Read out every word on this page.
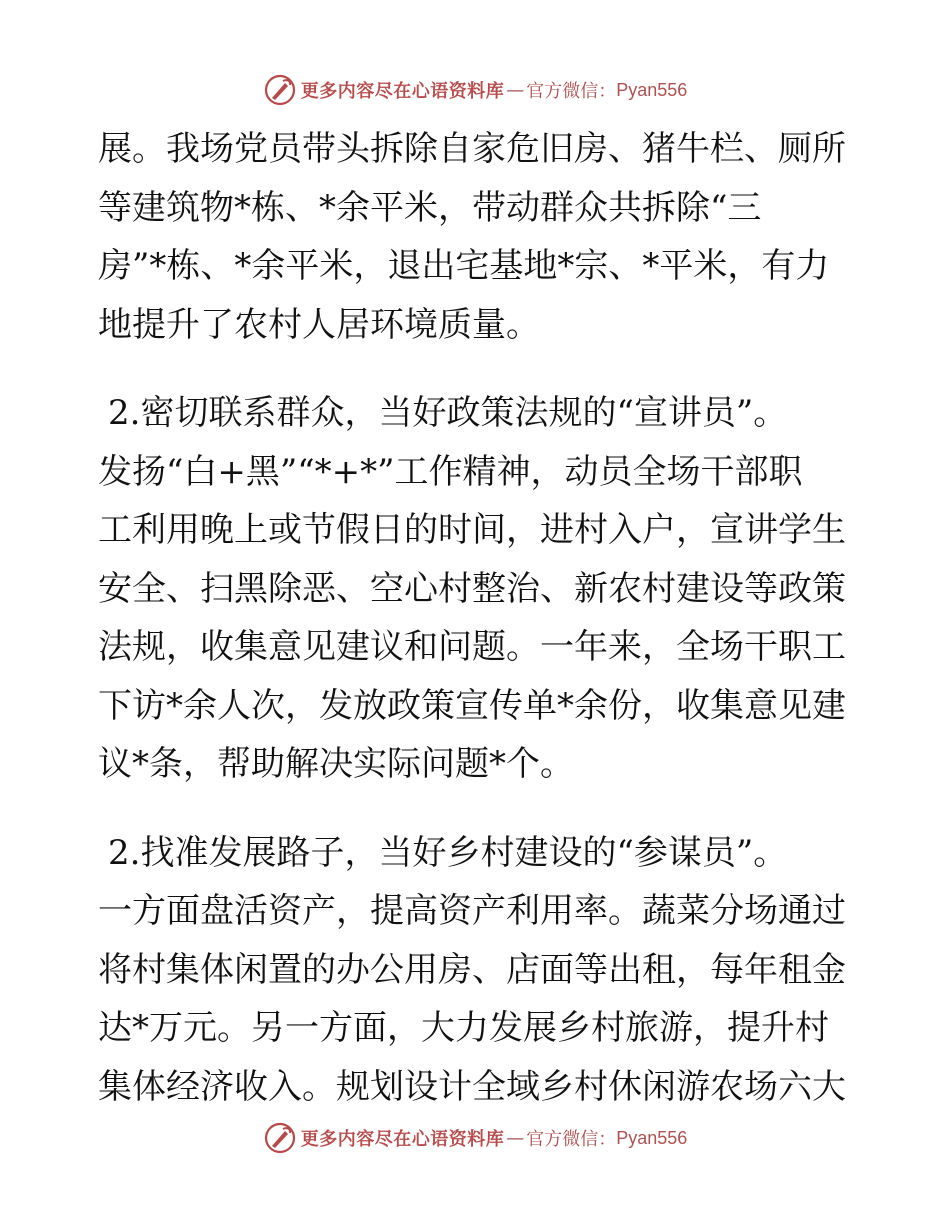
更多内容尽在心语资料库 — 官方微信： Pyan556

展。我场党员带头拆除自家危旧房、猪牛栏、厕所

等建筑物*栋、*余平米，带动群众共拆除“三

房”*栋、*余平米，退出宅基地*宗、*平米，有力

地提升了农村人居环境质量。

2.密切联系群众，当好政策法规的“宣讲员”。

发扬“白+黑”“*+*”工作精神，动员全场干部职

工利用晚上或节假日的时间，进村入户，宣讲学生

安全、扫黑除恶、空心村整治、新农村建设等政策

法规，收集意见建议和问题。一年来，全场干职工

下访*余人次，发放政策宣传单*余份，收集意见建

议*条，帮助解决实际问题*个。

2.找准发展路子，当好乡村建设的“参谋员”。

一方面盘活资产，提高资产利用率。蔬菜分场通过

将村集体闲置的办公用房、店面等出租，每年租金

达*万元。另一方面，大力发展乡村旅游，提升村

集体经济收入。规划设计全域乡村休闲游农场六大

更多内容尽在心语资料库 — 官方微信： Pyan556
